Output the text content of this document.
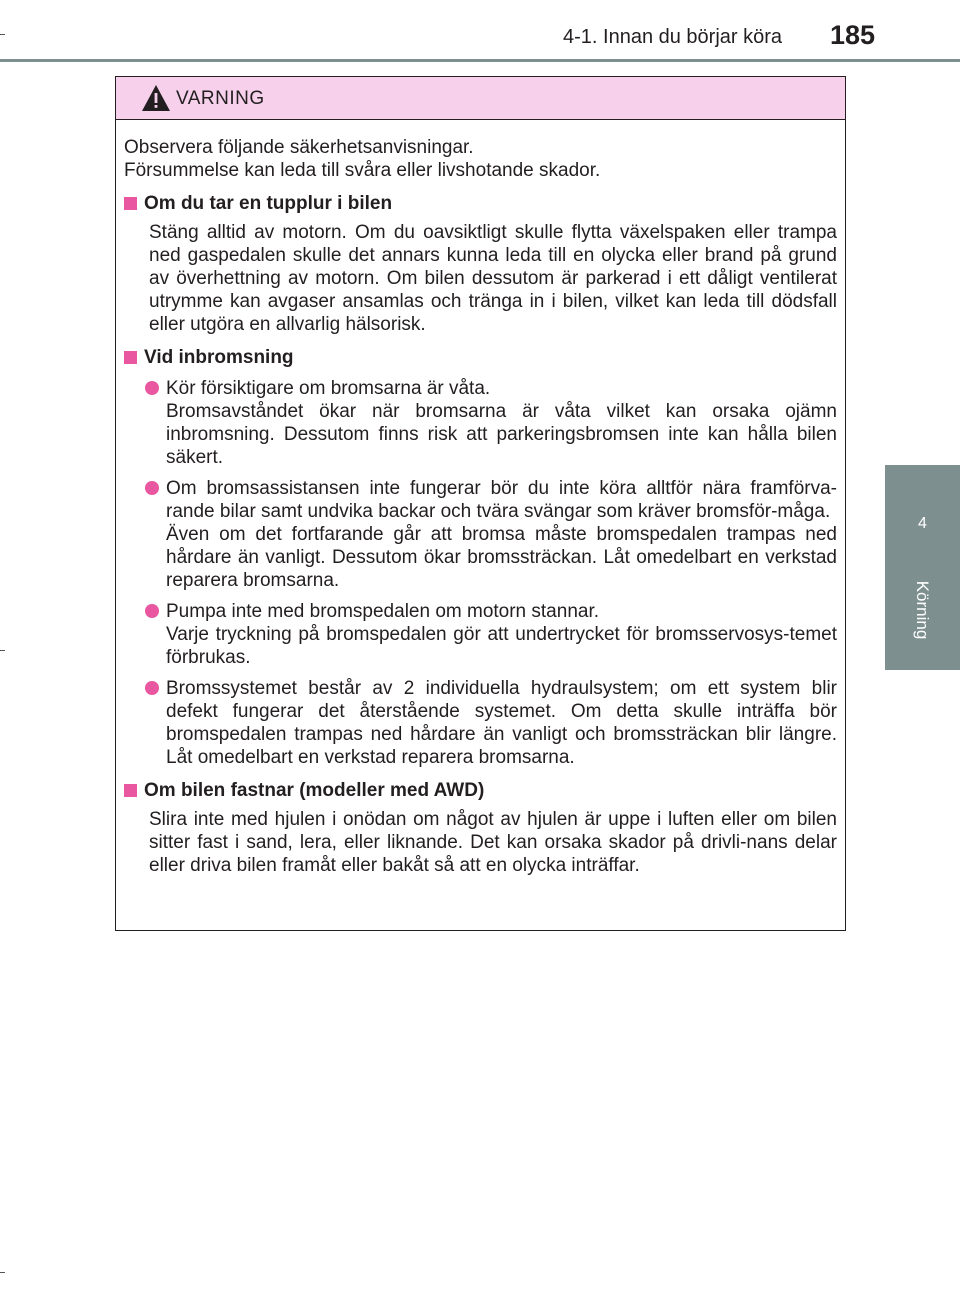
4-1. Innan du börjar köra 185
4
Körning
VARNING

Observera följande säkerhetsanvisningar.

Försummelse kan leda till svåra eller livshotande skador.

Om du tar en tupplur i bilen

Stäng alltid av motorn. Om du oavsiktligt skulle flytta växelspaken eller trampa ned gaspedalen skulle det annars kunna leda till en olycka eller brand på grund av överhettning av motorn. Om bilen dessutom är parkerad i ett dåligt ventilerat utrymme kan avgaser ansamlas och tränga in i bilen, vilket kan leda till dödsfall eller utgöra en allvarlig hälsorisk.

Vid inbromsning

Kör försiktigare om bromsarna är våta.

Bromsavståndet ökar när bromsarna är våta vilket kan orsaka ojämn inbromsning. Dessutom finns risk att parkeringsbromsen inte kan hålla bilen säkert.

Om bromsassistansen inte fungerar bör du inte köra alltför nära framförva-rande bilar samt undvika backar och tvära svängar som kräver bromsför-måga.

Även om det fortfarande går att bromsa måste bromspedalen trampas ned hårdare än vanligt. Dessutom ökar bromssträckan. Låt omedelbart en verkstad reparera bromsarna.

Pumpa inte med bromspedalen om motorn stannar.

Varje tryckning på bromspedalen gör att undertrycket för bromsservosys-temet förbrukas.

Bromssystemet består av 2 individuella hydraulsystem; om ett system blir defekt fungerar det återstående systemet. Om detta skulle inträffa bör bromspedalen trampas ned hårdare än vanligt och bromssträckan blir längre. Låt omedelbart en verkstad reparera bromsarna.

Om bilen fastnar (modeller med AWD)

Slira inte med hjulen i onödan om något av hjulen är uppe i luften eller om bilen sitter fast i sand, lera, eller liknande. Det kan orsaka skador på drivli-nans delar eller driva bilen framåt eller bakåt så att en olycka inträffar.
